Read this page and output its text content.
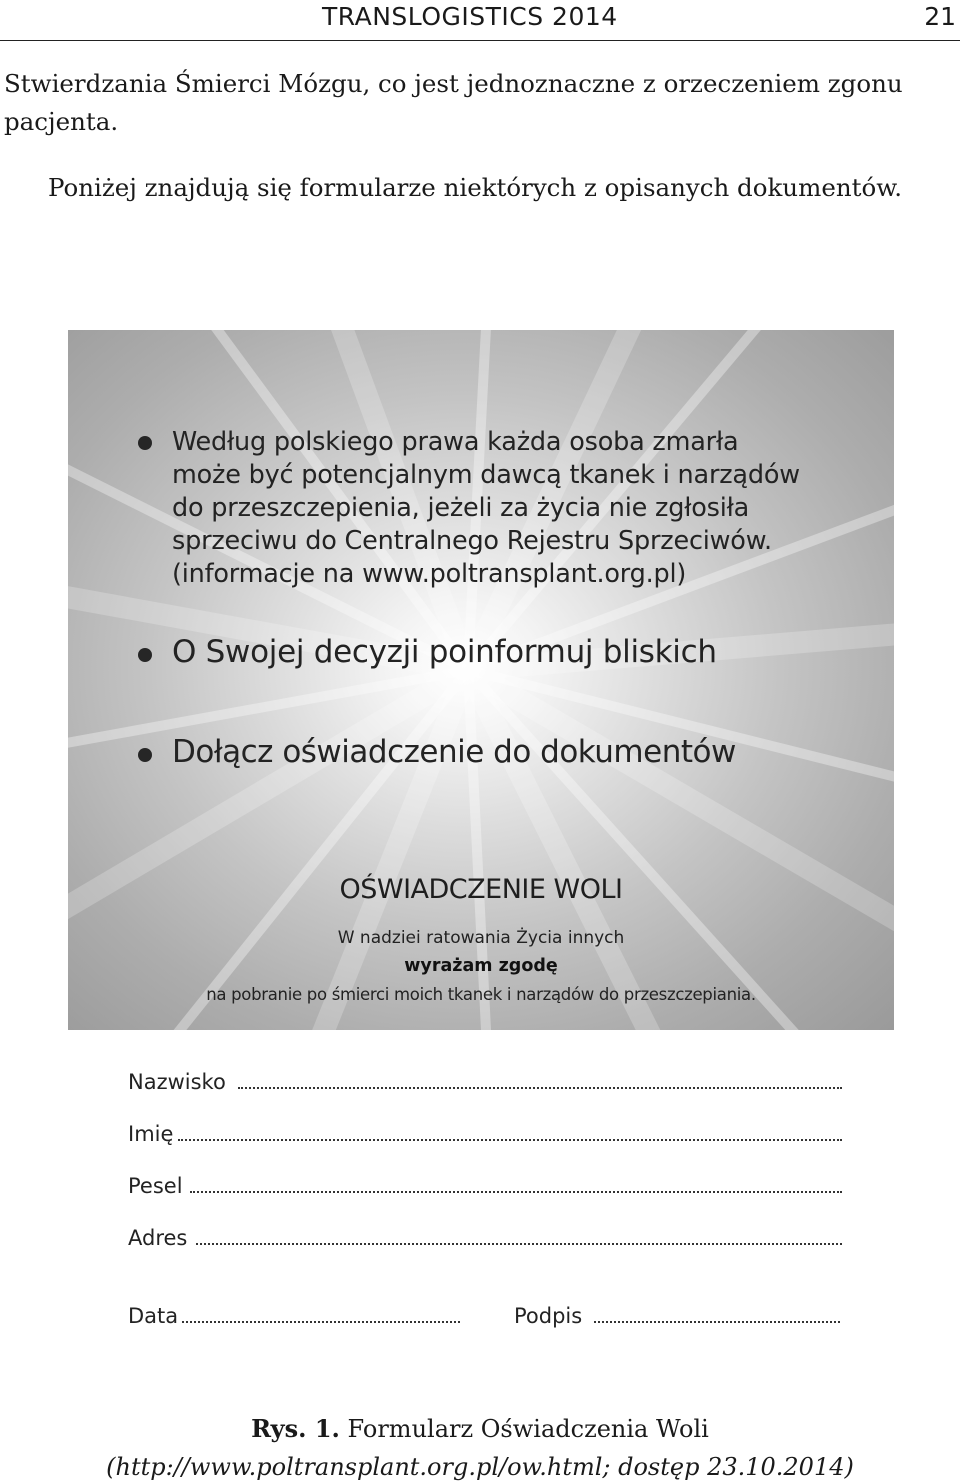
TRANSLOGISTICS 2014	21
Stwierdzania Śmierci Mózgu, co jest jednoznaczne z orzeczeniem zgonu
pacjenta.
Poniżej znajdują się formularze niektórych z opisanych dokumentów.
Według polskiego prawa każda osoba zmarła
może być potencjalnym dawcą tkanek i narządów
do przeszczepienia, jeżeli za życia nie zgłosiła
sprzeciwu do Centralnego Rejestru Sprzeciwów.
(informacje na www.poltransplant.org.pl)
O Swojej decyzji poinformuj bliskich
Dołącz oświadczenie do dokumentów
OŚWIADCZENIE WOLI
W nadziei ratowania Życia innych
wyrażam zgodę
na pobranie po śmierci moich tkanek i narządów do przeszczepiania.
Nazwisko
Imię
Pesel
Adres
Data	Podpis
Rys. 1. Formularz Oświadczenia Woli
(http://www.poltransplant.org.pl/ow.html; dostęp 23.10.2014)
